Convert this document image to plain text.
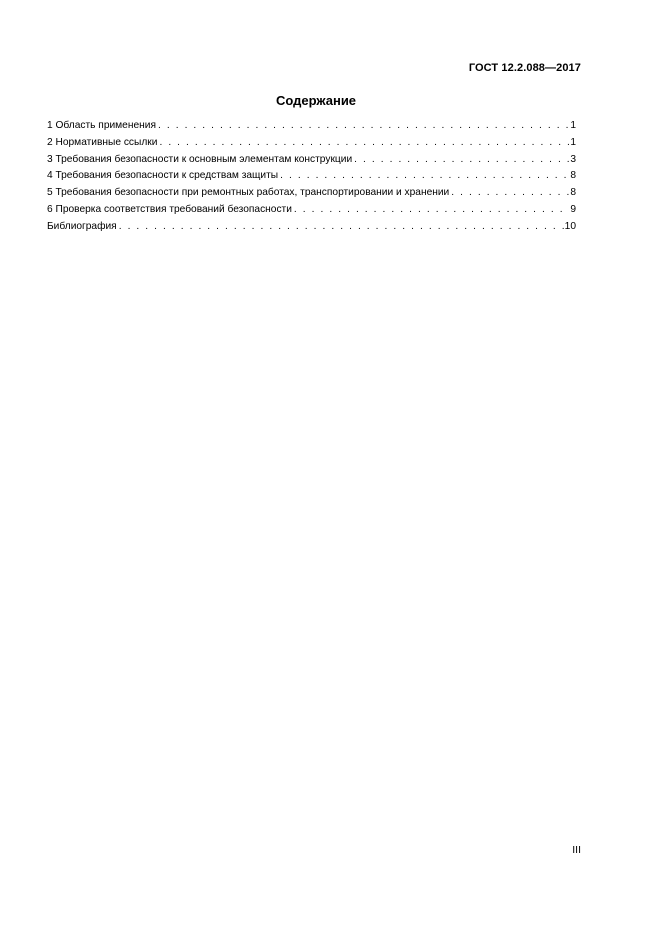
ГОСТ 12.2.088—2017
Содержание
1 Область применения . . .	1
2 Нормативные ссылки . . .	1
3 Требования безопасности к основным элементам конструкции . . .	3
4 Требования безопасности к средствам защиты . . .	8
5 Требования безопасности при ремонтных работах, транспортировании и хранении . . .	8
6 Проверка соответствия требований безопасности . . .	9
Библиография . . .	10
III
